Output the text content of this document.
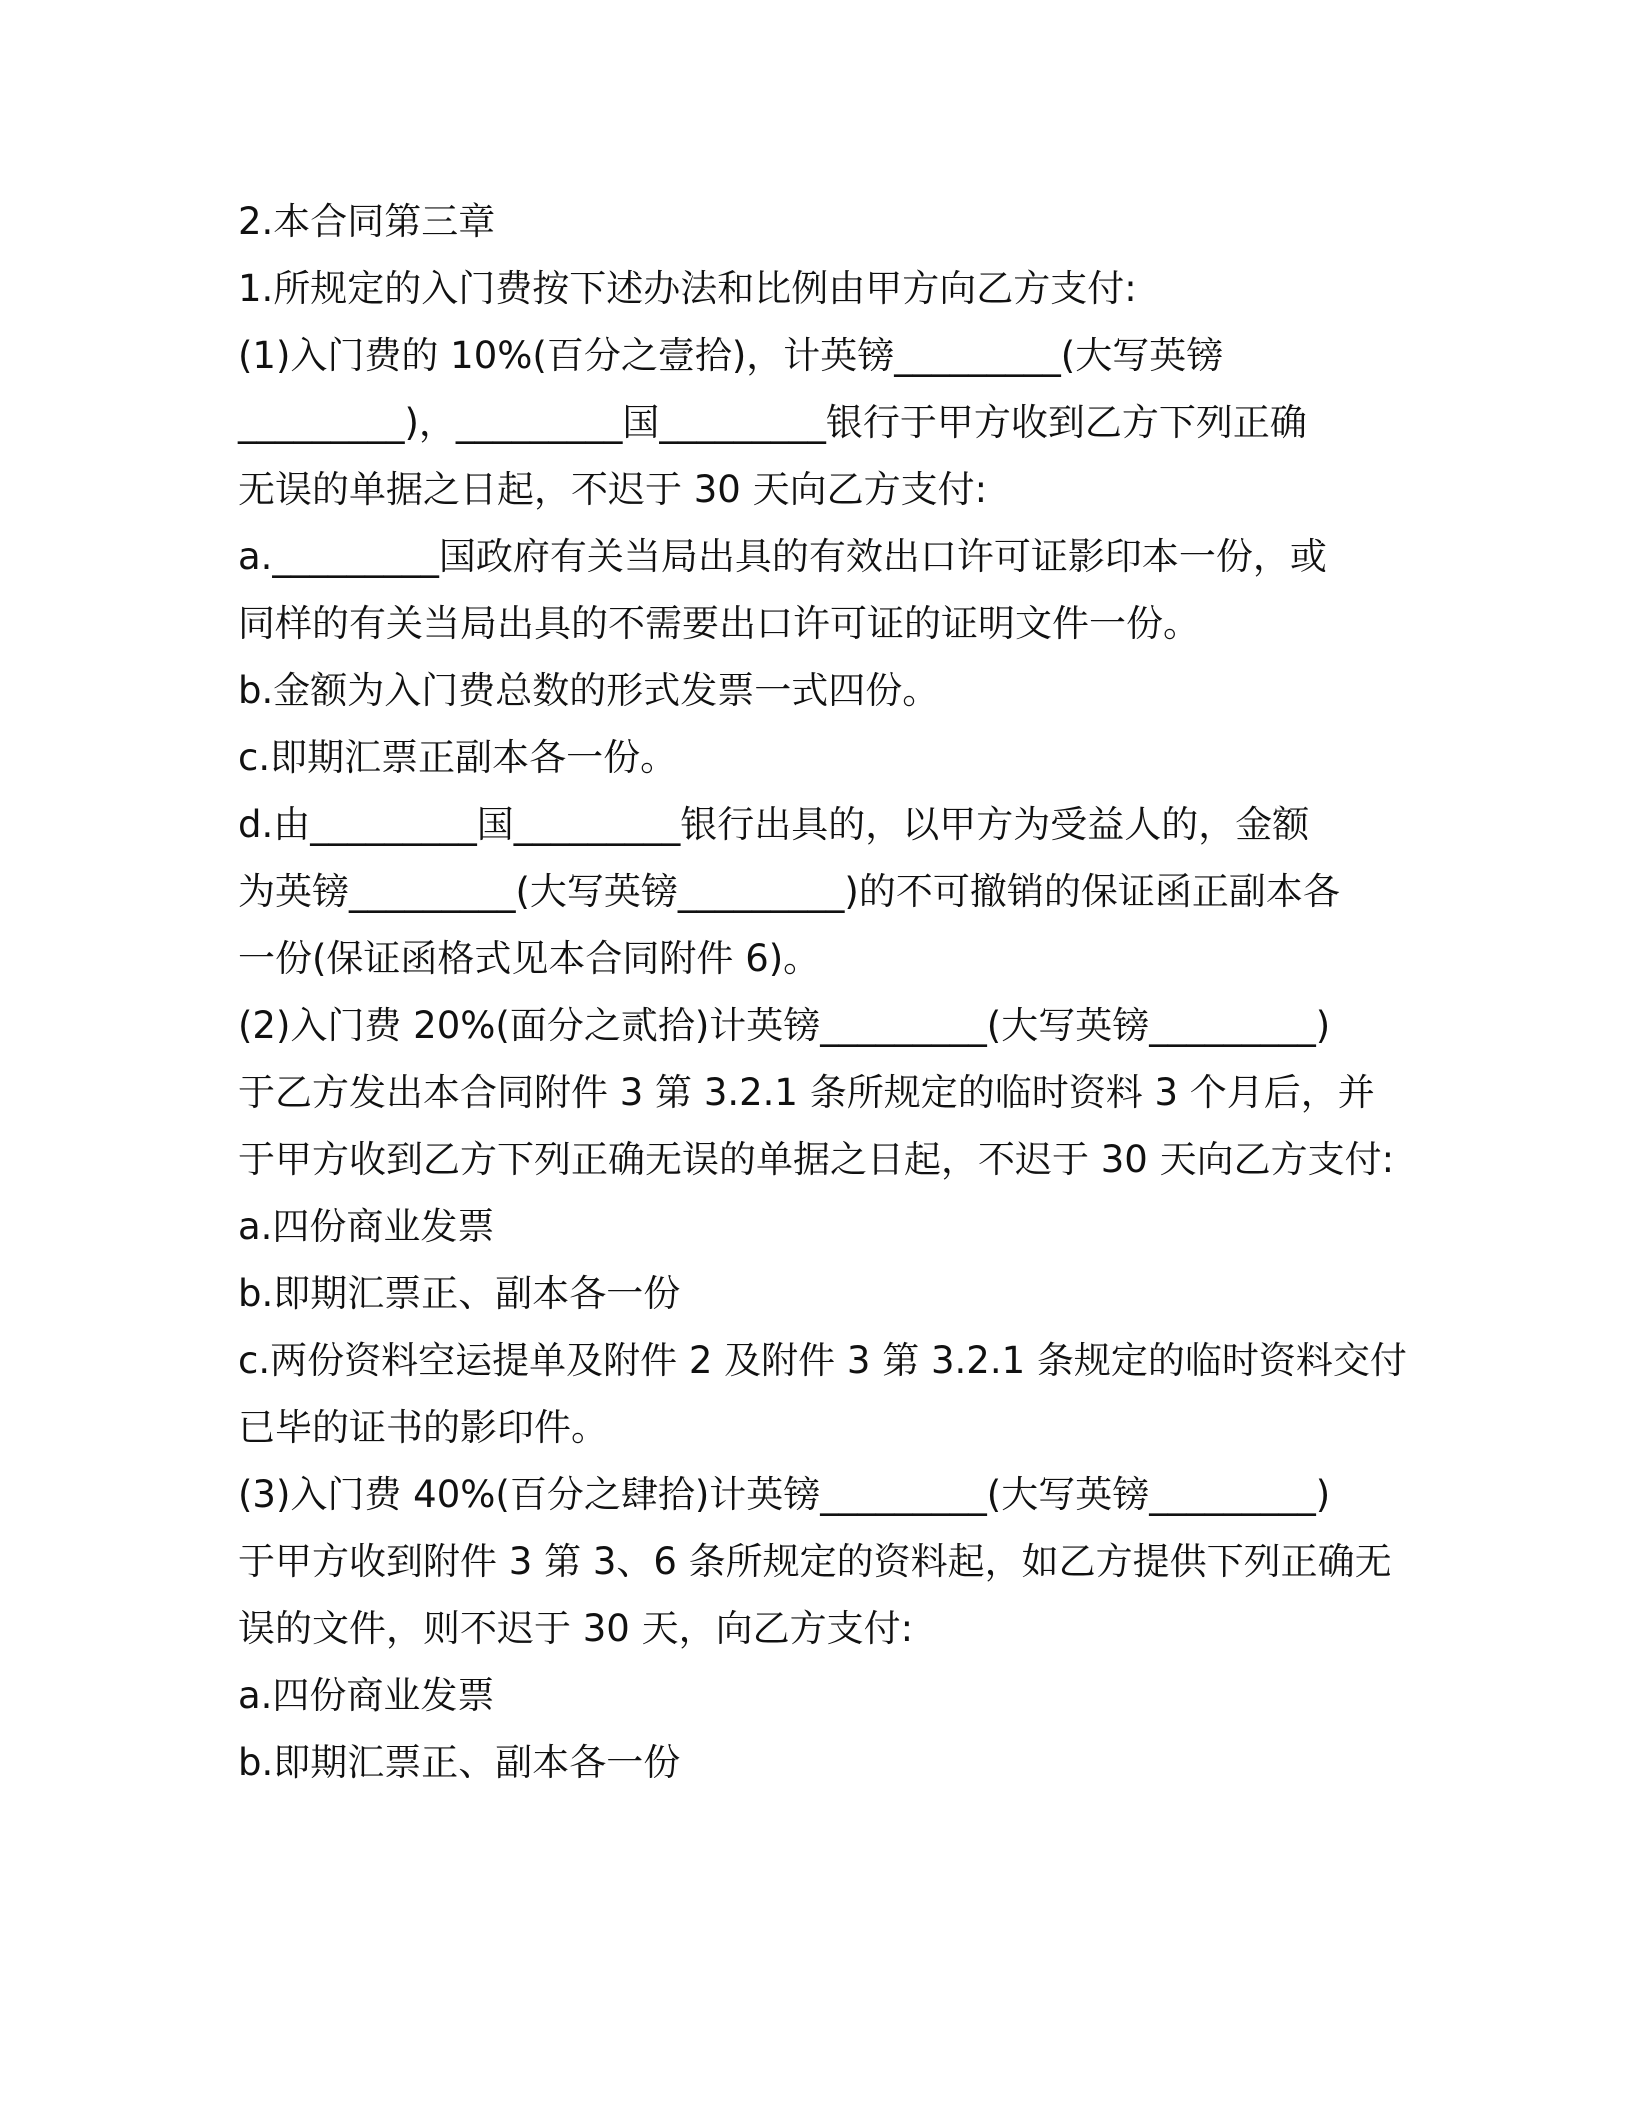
2.本合同第三章
1.所规定的入门费按下述办法和比例由甲方向乙方支付:
(1)入门费的 10%(百分之壹拾)，计英镑_________(大写英镑
_________)，_________国_________银行于甲方收到乙方下列正确
无误的单据之日起，不迟于 30 天向乙方支付:
a._________国政府有关当局出具的有效出口许可证影印本一份，或
同样的有关当局出具的不需要出口许可证的证明文件一份。
b.金额为入门费总数的形式发票一式四份。
c.即期汇票正副本各一份。
d.由_________国_________银行出具的，以甲方为受益人的，金额
为英镑_________(大写英镑_________)的不可撤销的保证函正副本各
一份(保证函格式见本合同附件 6)。
(2)入门费 20%(面分之贰拾)计英镑_________(大写英镑_________)
于乙方发出本合同附件 3 第 3.2.1 条所规定的临时资料 3 个月后，并
于甲方收到乙方下列正确无误的单据之日起，不迟于 30 天向乙方支付:
a.四份商业发票
b.即期汇票正、副本各一份
c.两份资料空运提单及附件 2 及附件 3 第 3.2.1 条规定的临时资料交付
已毕的证书的影印件。
(3)入门费 40%(百分之肆拾)计英镑_________(大写英镑_________)
于甲方收到附件 3 第 3、6 条所规定的资料起，如乙方提供下列正确无
误的文件，则不迟于 30 天，向乙方支付:
a.四份商业发票
b.即期汇票正、副本各一份
